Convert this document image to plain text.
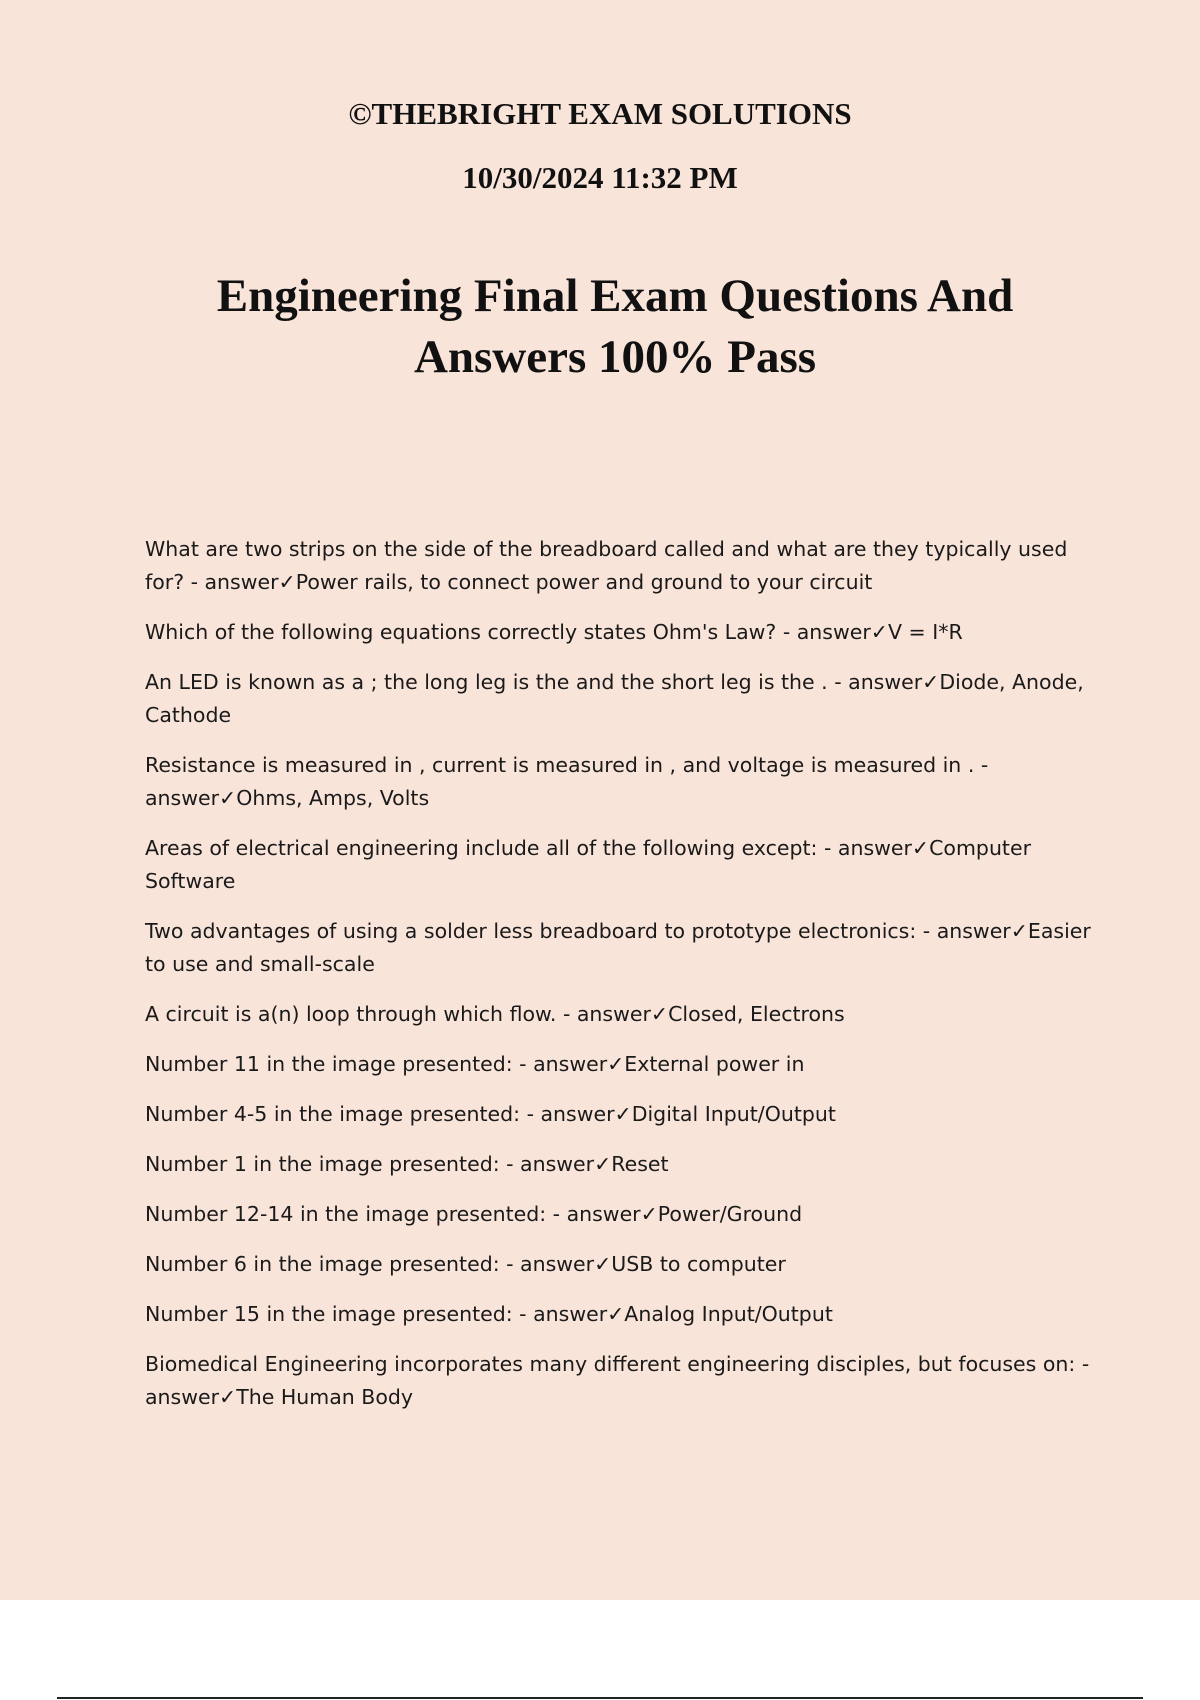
©THEBRIGHT EXAM SOLUTIONS
10/30/2024 11:32 PM
Engineering Final Exam Questions And Answers 100% Pass
What are two strips on the side of the breadboard called and what are they typically used for? - answer✓Power rails, to connect power and ground to your circuit
Which of the following equations correctly states Ohm's Law? - answer✓V = I*R
An LED is known as a ; the long leg is the and the short leg is the . - answer✓Diode, Anode, Cathode
Resistance is measured in , current is measured in , and voltage is measured in . - answer✓Ohms, Amps, Volts
Areas of electrical engineering include all of the following except: - answer✓Computer Software
Two advantages of using a solder less breadboard to prototype electronics: - answer✓Easier to use and small-scale
A circuit is a(n) loop through which flow. - answer✓Closed, Electrons
Number 11 in the image presented: - answer✓External power in
Number 4-5 in the image presented: - answer✓Digital Input/Output
Number 1 in the image presented: - answer✓Reset
Number 12-14 in the image presented: - answer✓Power/Ground
Number 6 in the image presented: - answer✓USB to computer
Number 15 in the image presented: - answer✓Analog Input/Output
Biomedical Engineering incorporates many different engineering disciples, but focuses on: - answer✓The Human Body
